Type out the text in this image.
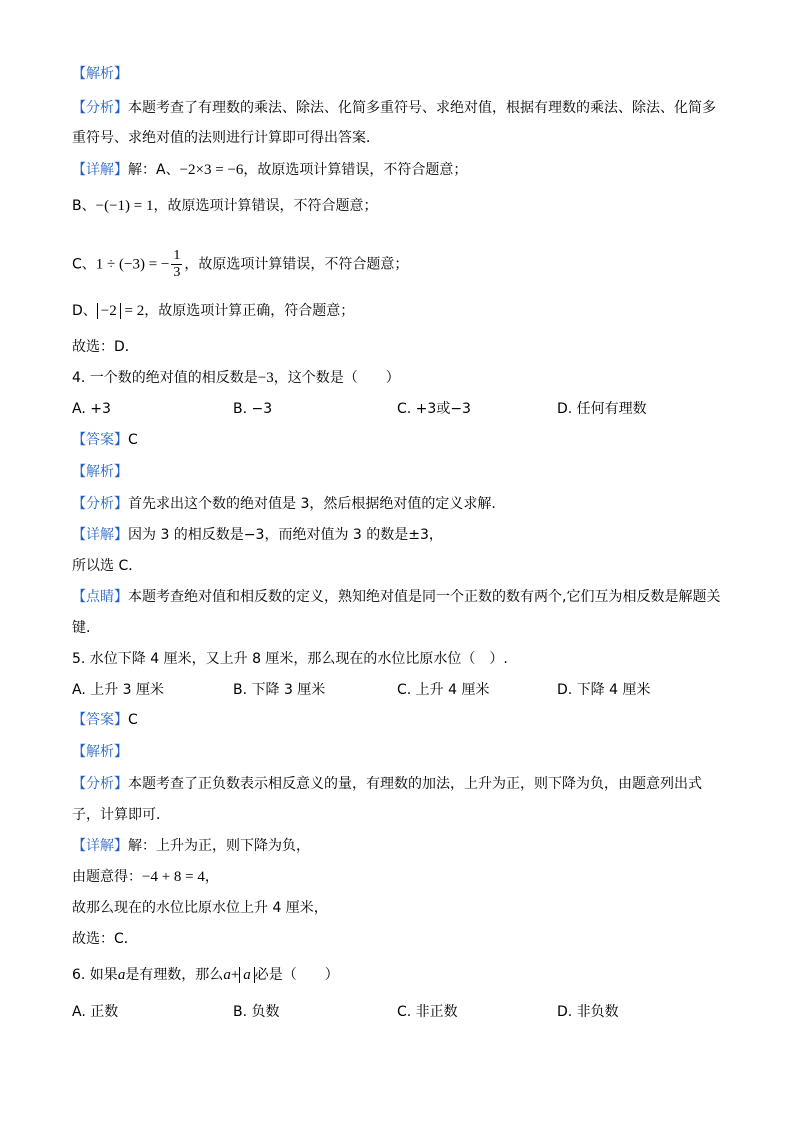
【解析】
【分析】本题考查了有理数的乘法、除法、化简多重符号、求绝对值，根据有理数的乘法、除法、化简多
重符号、求绝对值的法则进行计算即可得出答案．
【详解】解：A、−2×3 = −6，故原选项计算错误，不符合题意；
B、−(−1) = 1，故原选项计算错误，不符合题意；
C、1 ÷ (−3) = − $\frac{1}{3}$ ，故原选项计算错误，不符合题意；
D、 −2 = 2，故原选项计算正确，符合题意；
故选：D．
4. 一个数的绝对值的相反数是−3，这个数是（　　）
A. +3	B. −3	C. +3或−3	D. 任何有理数
【答案】C
【解析】
【分析】首先求出这个数的绝对值是 3，然后根据绝对值的定义求解.
【详解】因为 3 的相反数是−3，而绝对值为 3 的数是±3，
所以选 C．
【点睛】本题考查绝对值和相反数的定义，熟知绝对值是同一个正数的数有两个,它们互为相反数是解题关
键.
5. 水位下降 4 厘米，又上升 8 厘米，那么现在的水位比原水位（　）.
A. 上升 3 厘米	B. 下降 3 厘米	C. 上升 4 厘米	D. 下降 4 厘米
【答案】C
【解析】
【分析】本题考查了正负数表示相反意义的量，有理数的加法，上升为正，则下降为负，由题意列出式
子，计算即可．
【详解】解：上升为正，则下降为负，
由题意得：−4 + 8 = 4，
故那么现在的水位比原水位上升 4 厘米，
故选：C．
6. 如果a是有理数，那么a+ a 必是（　　）
A. 正数	B. 负数	C. 非正数	D. 非负数
